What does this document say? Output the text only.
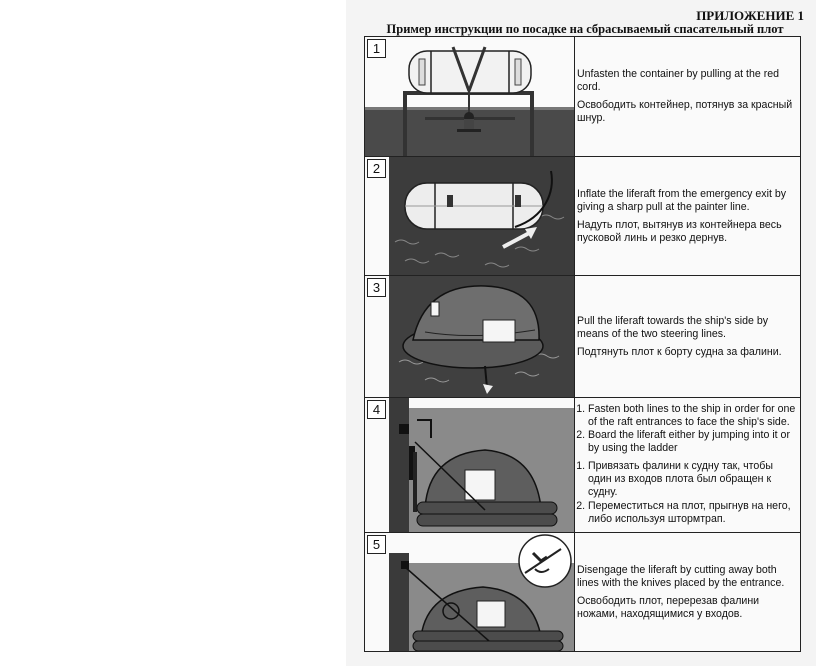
ПРИЛОЖЕНИЕ 1
Пример инструкции по посадке на сбрасываемый спасательный плот
1

Unfasten the container by pulling at the red cord.

Освободить контейнер, потянув за красный шнур.

2

Inflate the liferaft from the emergency exit by giving a sharp pull at the painter line.

Надуть плот, вытянув из контейнера весь пусковой линь и резко дернув.

3

Pull the liferaft towards the ship's side by means of the two steering lines.

Подтянуть плот к борту судна за фалини.

4
1.	Fasten both lines to the ship in order for one of the raft entrances to face the ship's side.
2. Board the liferaft either by jumping into it or by using the ladder
1. Привязать фалини к судну так, чтобы один из входов плота был обращен к судну.
2. Переместиться на плот, прыгнув на него, либо используя штормтрап.
5

Disengage the liferaft by cutting away both lines with the knives placed by the entrance.

Освободить плот, перерезав фалини ножами, находящимися у входов.
